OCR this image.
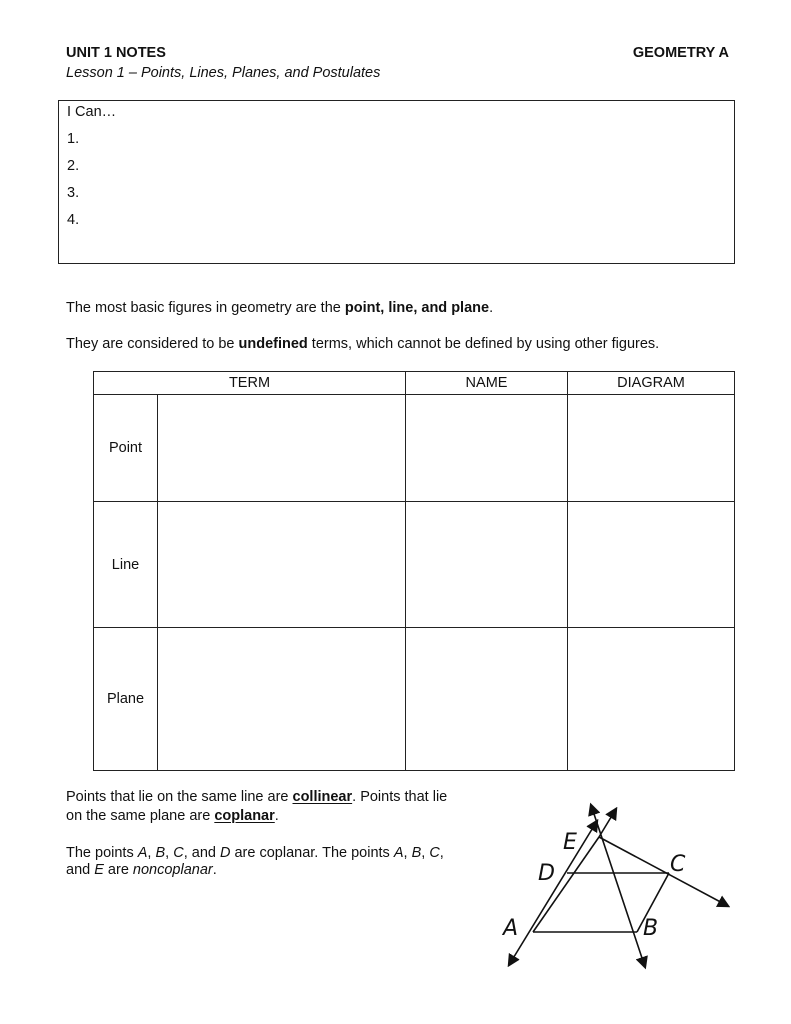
UNIT 1 NOTES	GEOMETRY A
Lesson 1 – Points, Lines, Planes, and Postulates
I Can…
1.
2.
3.
4.
The most basic figures in geometry are the point, line, and plane.
They are considered to be undefined terms, which cannot be defined by using other figures.
TERM		NAME	DIAGRAM
Point			
Line			
Plane			
Points that lie on the same line are collinear. Points that lie
on the same plane are coplanar.
The points A, B, C, and D are coplanar. The points A, B, C,
and E are noncoplanar.
E
D	C
A	B
